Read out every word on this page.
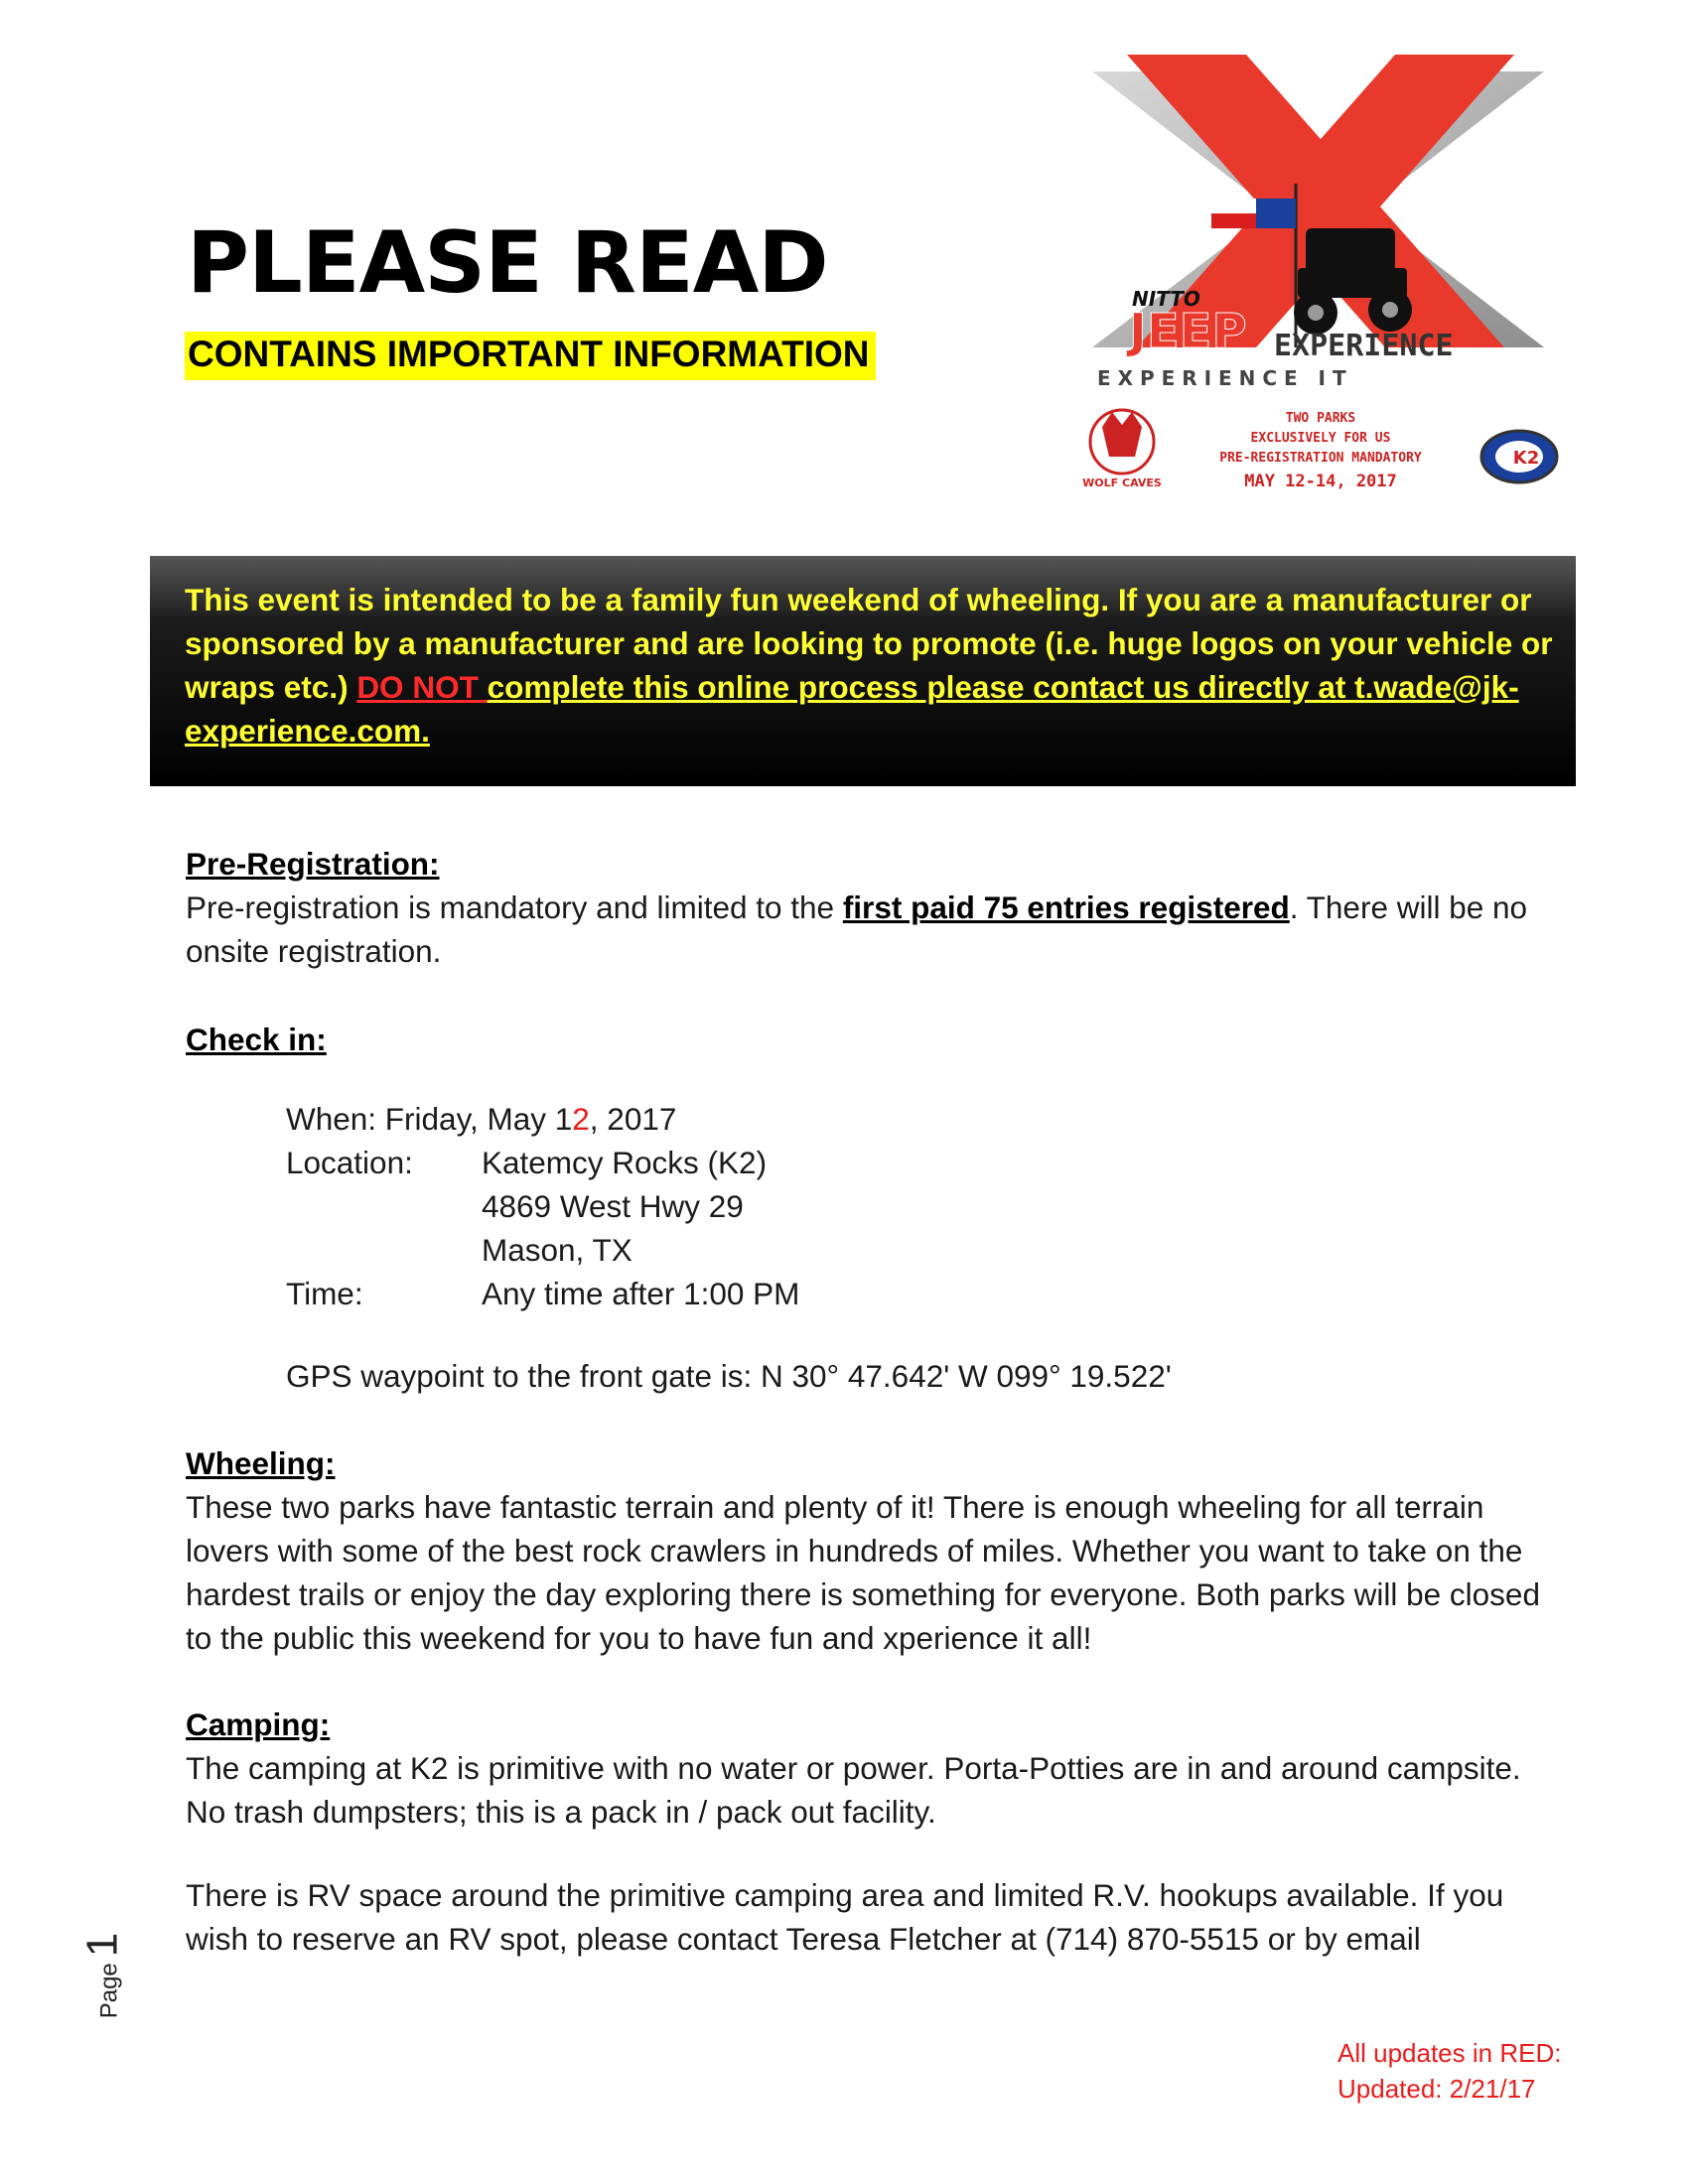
PLEASE READ
CONTAINS IMPORTANT INFORMATION
NITTO
JEEP EXPERIENCE
E X P E R I E N C E   I T
WOLF CAVES
TWO PARKS
EXCLUSIVELY FOR US
PRE-REGISTRATION MANDATORY
MAY 12-14, 2017
K2
This event is intended to be a family fun weekend of wheeling. If you are a manufacturer or sponsored by a manufacturer and are looking to promote (i.e. huge logos on your vehicle or wraps etc.) DO NOT complete this online process please contact us directly at t.wade@jk-experience.com.
Pre-Registration:
Pre-registration is mandatory and limited to the first paid 75 entries registered. There will be no onsite registration.
Check in:
When: Friday, May 12, 2017
Location: Katemcy Rocks (K2)
4869 West Hwy 29
Mason, TX
Time:	Any time after 1:00 PM
GPS waypoint to the front gate is: N 30° 47.642' W 099° 19.522'
Wheeling:
These two parks have fantastic terrain and plenty of it! There is enough wheeling for all terrain lovers with some of the best rock crawlers in hundreds of miles. Whether you want to take on the hardest trails or enjoy the day exploring there is something for everyone. Both parks will be closed to the public this weekend for you to have fun and xperience it all!
Camping:
The camping at K2 is primitive with no water or power. Porta-Potties are in and around campsite. No trash dumpsters; this is a pack in / pack out facility.
There is RV space around the primitive camping area and limited R.V. hookups available. If you wish to reserve an RV spot, please contact Teresa Fletcher at (714) 870-5515 or by email
Page1
All updates in RED:
Updated: 2/21/17
